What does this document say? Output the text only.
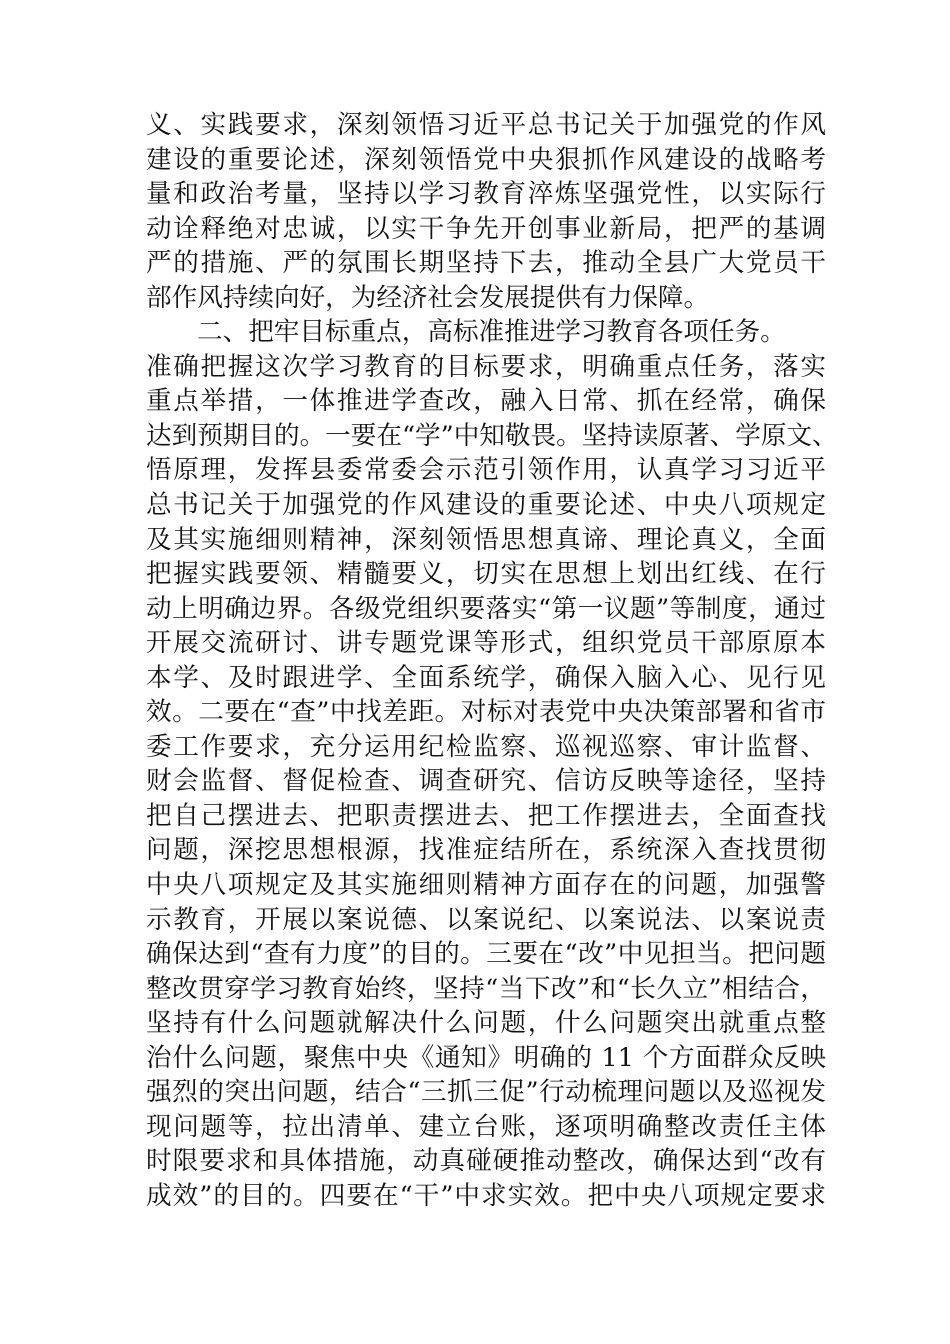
义、实践要求，深刻领悟习近平总书记关于加强党的作风
建设的重要论述，深刻领悟党中央狠抓作风建设的战略考
量和政治考量，坚持以学习教育淬炼坚强党性，以实际行
动诠释绝对忠诚，以实干争先开创事业新局，把严的基调
严的措施、严的氛围长期坚持下去，推动全县广大党员干
部作风持续向好，为经济社会发展提供有力保障。
二、把牢目标重点，高标准推进学习教育各项任务。
准确把握这次学习教育的目标要求，明确重点任务，落实
重点举措，一体推进学查改，融入日常、抓在经常，确保
达到预期目的。一要在“学”中知敬畏。坚持读原著、学原文、
悟原理，发挥县委常委会示范引领作用，认真学习习近平
总书记关于加强党的作风建设的重要论述、中央八项规定
及其实施细则精神，深刻领悟思想真谛、理论真义，全面
把握实践要领、精髓要义，切实在思想上划出红线、在行
动上明确边界。各级党组织要落实“第一议题”等制度，通过
开展交流研讨、讲专题党课等形式，组织党员干部原原本
本学、及时跟进学、全面系统学，确保入脑入心、见行见
效。二要在“查”中找差距。对标对表党中央决策部署和省市
委工作要求，充分运用纪检监察、巡视巡察、审计监督、
财会监督、督促检查、调查研究、信访反映等途径，坚持
把自己摆进去、把职责摆进去、把工作摆进去，全面查找
问题，深挖思想根源，找准症结所在，系统深入查找贯彻
中央八项规定及其实施细则精神方面存在的问题，加强警
示教育，开展以案说德、以案说纪、以案说法、以案说责
确保达到“查有力度”的目的。三要在“改”中见担当。把问题
整改贯穿学习教育始终，坚持“当下改”和“长久立”相结合，
坚持有什么问题就解决什么问题，什么问题突出就重点整
治什么问题，聚焦中央《通知》明确的 11 个方面群众反映
强烈的突出问题，结合“三抓三促”行动梳理问题以及巡视发
现问题等，拉出清单、建立台账，逐项明确整改责任主体
时限要求和具体措施，动真碰硬推动整改，确保达到“改有
成效”的目的。四要在“干”中求实效。把中央八项规定要求
